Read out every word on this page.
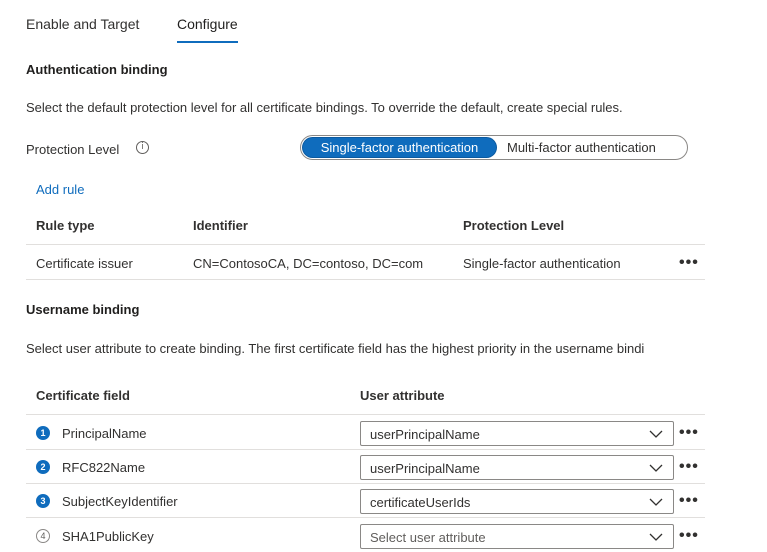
Enable and Target	Configure
Authentication binding
Select the default protection level for all certificate bindings. To override the default, create special rules.
Protection Level	i	Single-factor authentication	Multi-factor authentication
Add rule
Rule type	Identifier	Protection Level
Certificate issuer	CN=ContosoCA, DC=contoso, DC=com	Single-factor authentication	•••
Username binding
Select user attribute to create binding. The first certificate field has the highest priority in the username bindi
Certificate field	User attribute
1	PrincipalName	userPrincipalName	•••
2	RFC822Name	userPrincipalName	•••
3	SubjectKeyIdentifier	certificateUserIds	•••
4	SHA1PublicKey	Select user attribute	•••
